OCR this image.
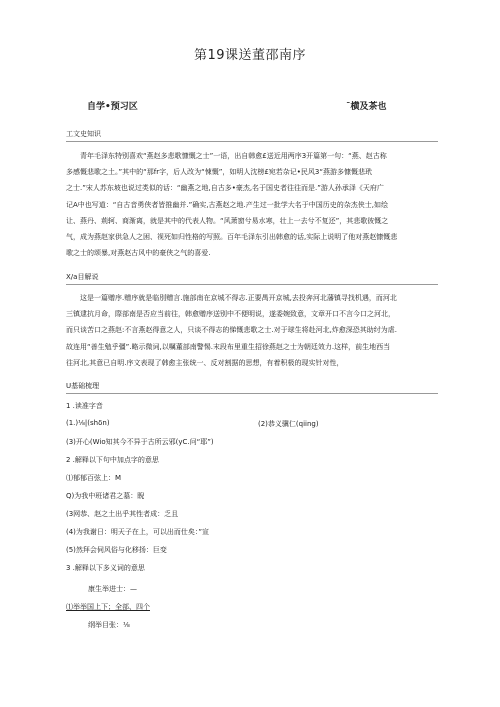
第19课送董邵南序
自学•预习区	¯横及茶也
工文史知识
青年毛泽东特别喜欢“燕赵多悲歌慷慨之士”一语，出自韩愈£送近用两序3开篇第一句：“燕、赵古称
多感慨悲歌之土。”其中的“那fr字，后人改为“悚慨”，如明人沈榜£宛若杂记•民风3“燕游多慷慨悲玳
之士.”宋人苏东坡也说过类似的话：“幽燕之地,自古多•豪杰,名于国史者往往而是.”游人孙承泽《天府广
记A中也写道：“自古音勇侠者皆推幽并.”确实,古燕赵之地.产生过一批学大名于中国历史的杂杰侠士,如绘
让、燕丹、荊轲、商渐离，就是其中的代表人物。“风萧窗兮易水寒，壮上一去兮不复还”，其悲歌彼慨之
气，成为燕赵家供急人之困、视死如归性格的写照。百年毛泽东引出韩愈的话,实际上说明了他对燕赵慷慨悲
歌之士的颂暴,对燕赵古风中的豪侠之气的喜爱.
X/a目解说
这是一篇赠序.赠序就是临別赠言.施部南在京城不得志.正要禺开京城,去投奔河北藩镇寻找机遇，而河北
三镇逮抗月命，際部南是否应当前往，韩愈赠序送别中不便明说，遂委婉致意，文章开口不言今口之河北，
而只谈苦口之燕赵:不言燕赵得意之人，只谈不得志的悌慨悲歌之士.对于球生将赴河北,炸愈深恐其助纣为虐.
故连用“善生勉乎彊”.略示微词,以嘱董部南警惕.末段布里重生招徐燕赵之士为朝廷效力.这样，前生地西当
往河北,其意已自明.序文表现了韩愈主张统一、反对割据的思想，有着积极的现实针对性，
U基础梳理
1 .读准字音
(1.)⅛|(shδn)	(2)恭义骥仁(qiing)
(3)开心(Wio知其今不异于古所云邪(yC.问“耶”)
2 .解释以下句中加点字的意思
⑴郁郁百弦上：M
Q)为我中班诸君之墓：睨
(3网恭、赵之土出乎其性者成：乏且
(4)为我谢日：明天子在上，可以出而仕矣：”宣
(5)然拜会伺风俗与化移扬：巨变
3 .解释以下多义词的意思
康生举进士：—
⑴举举国上下；全部、四个
纲举目张：⅛
